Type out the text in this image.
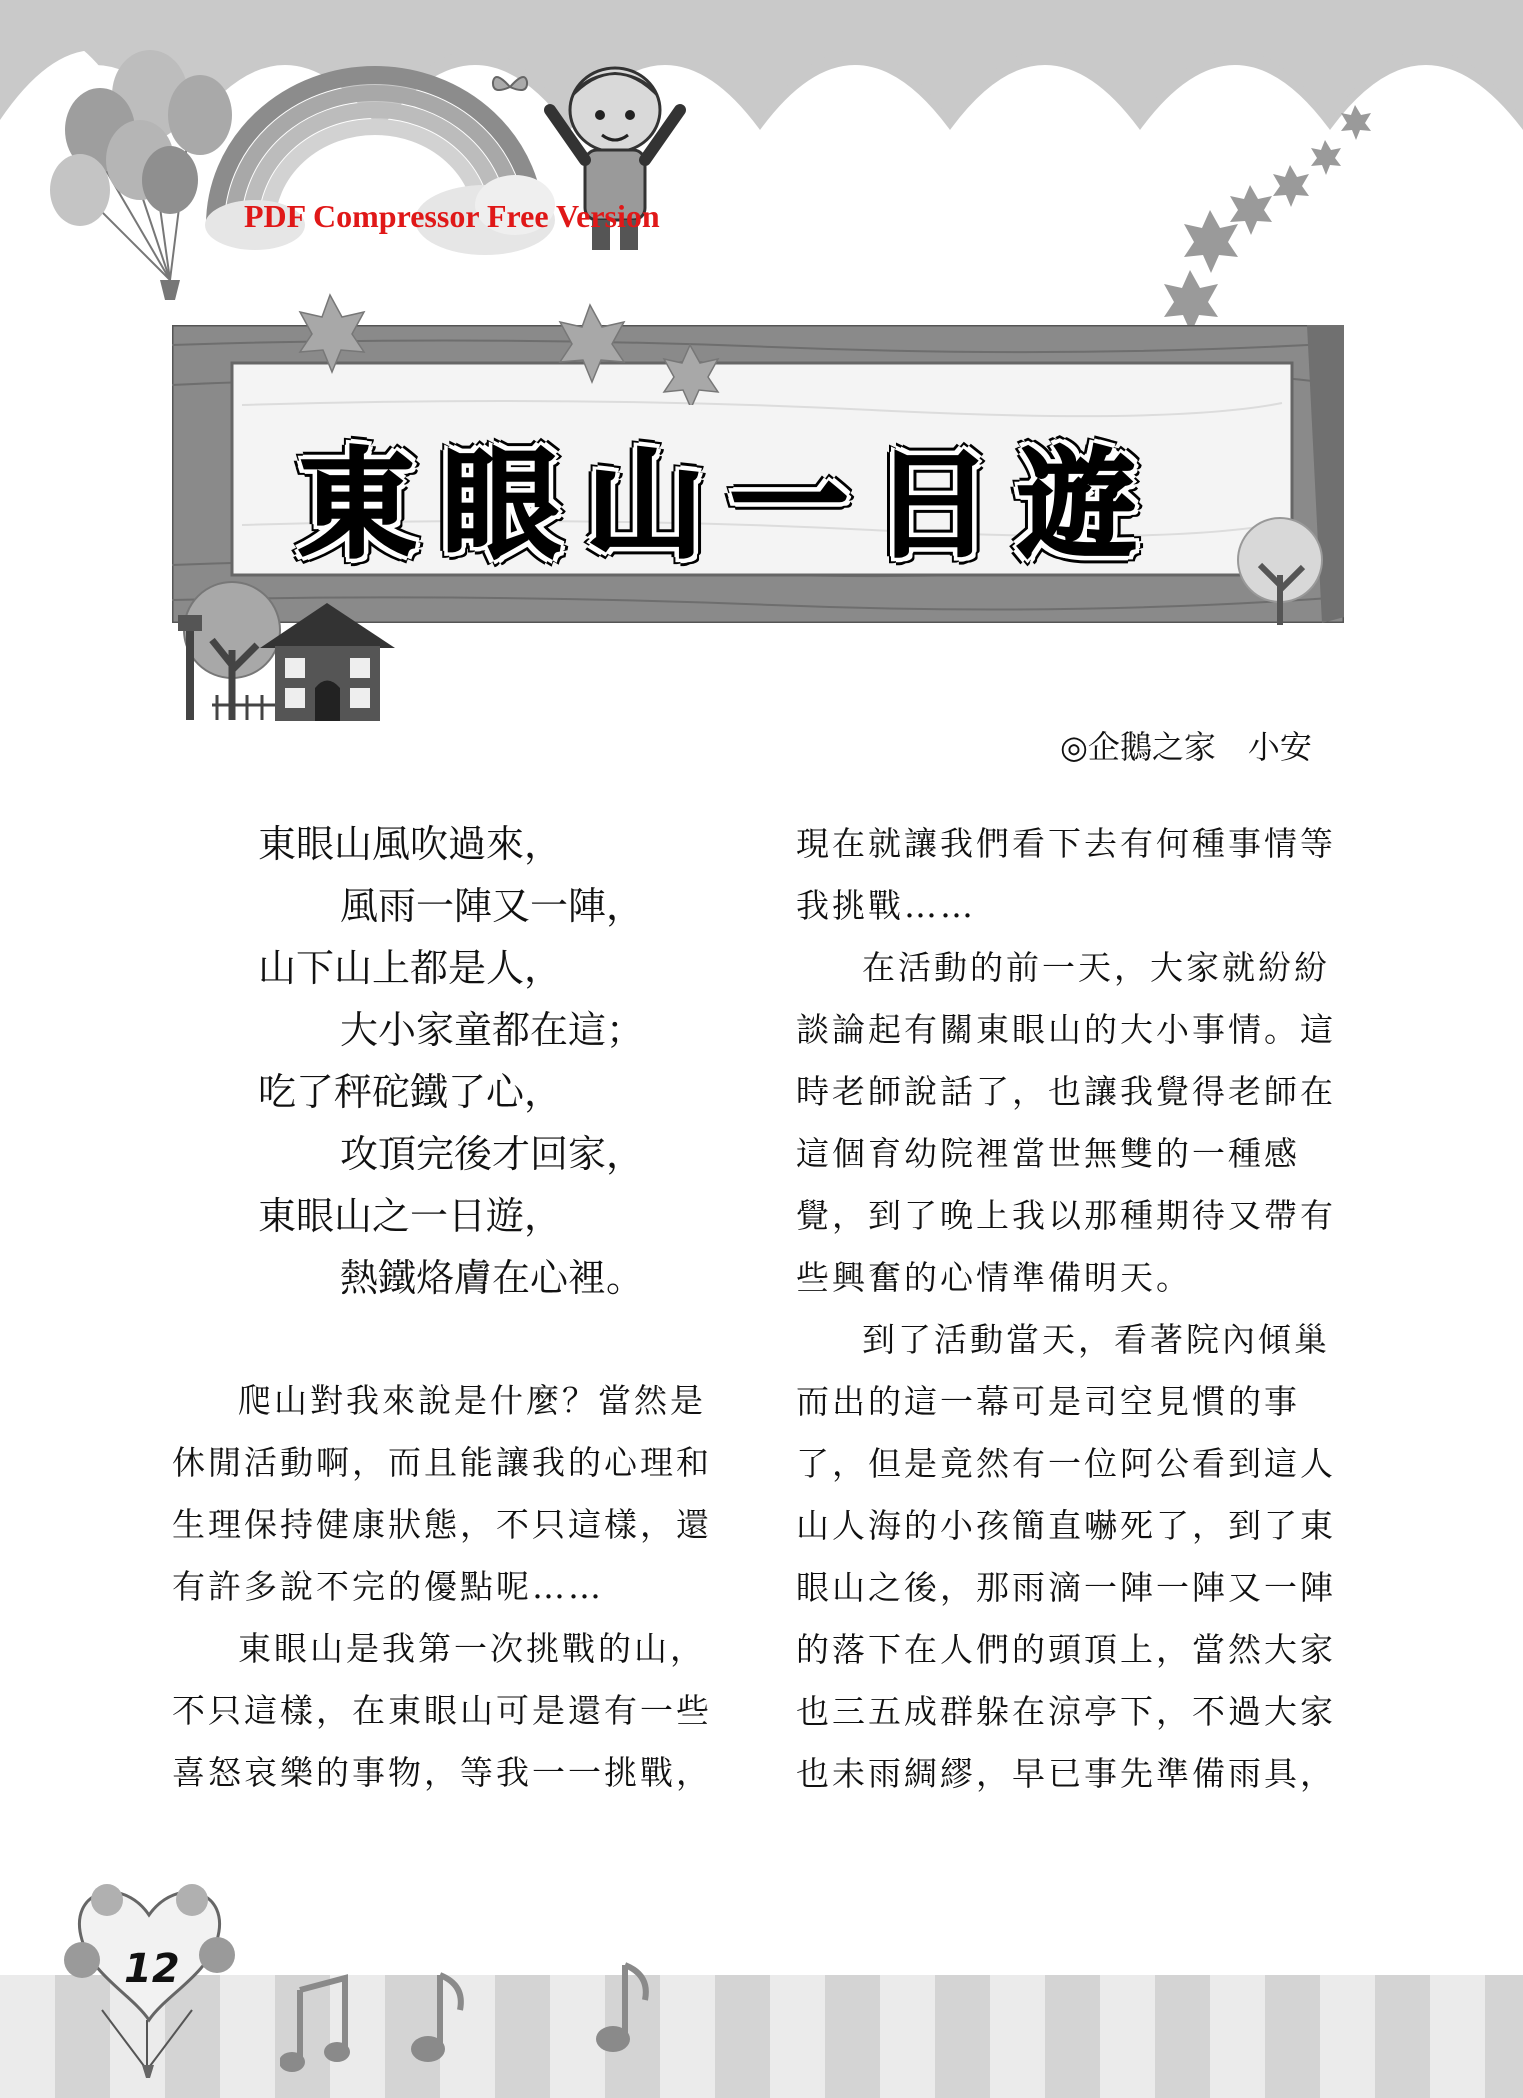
東眼山一日遊
PDF Compressor Free Version
◎企鵝之家　小安
東眼山風吹過來，
風雨一陣又一陣，
山下山上都是人，
大小家童都在這；
吃了秤砣鐵了心，
攻頂完後才回家，
東眼山之一日遊，
熱鐵烙膚在心裡。

爬山對我來說是什麼？當然是休閒活動啊，而且能讓我的心理和生理保持健康狀態，不只這樣，還有許多說不完的優點呢……

東眼山是我第一次挑戰的山，不只這樣，在東眼山可是還有一些喜怒哀樂的事物，等我一一挑戰，

現在就讓我們看下去有何種事情等我挑戰……

在活動的前一天，大家就紛紛談論起有關東眼山的大小事情。這時老師說話了，也讓我覺得老師在這個育幼院裡當世無雙的一種感覺，到了晚上我以那種期待又帶有些興奮的心情準備明天。

到了活動當天，看著院內傾巢而出的這一幕可是司空見慣的事了，但是竟然有一位阿公看到這人山人海的小孩簡直嚇死了，到了東眼山之後，那雨滴一陣一陣又一陣的落下在人們的頭頂上，當然大家也三五成群躲在涼亭下，不過大家也未雨綢繆，早已事先準備雨具，

12
